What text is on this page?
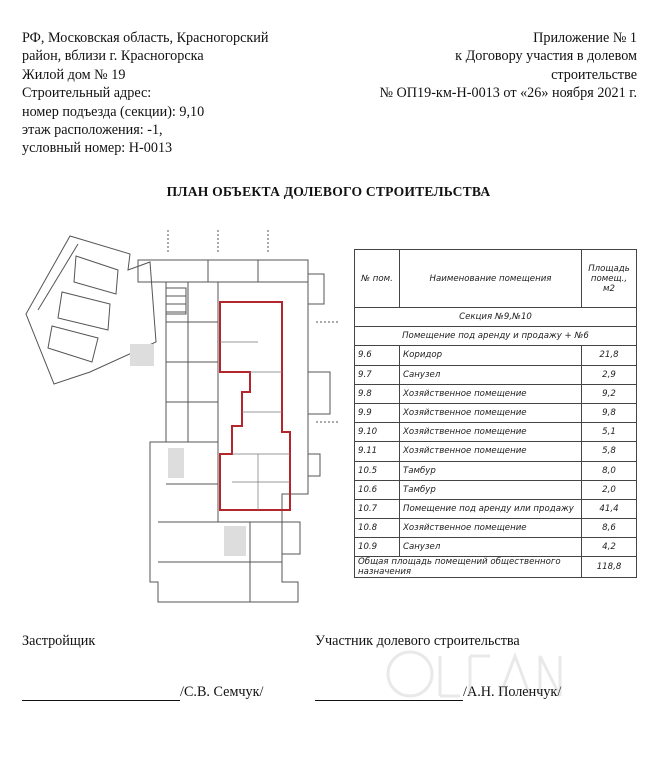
РФ, Московская область, Красногорский
район, вблизи г. Красногорска
Жилой дом № 19
Строительный адрес:
номер подъезда (секции): 9,10
этаж расположения: -1,
условный номер: Н-0013
Приложение № 1
к Договору участия в долевом
строительстве
№ ОП19-км-Н-0013 от «26» ноября 2021 г.
ПЛАН ОБЪЕКТА ДОЛЕВОГО СТРОИТЕЛЬСТВА
№ пом.	Наименование помещения	Площадь помещ., м2
Секция №9,№10		
Помещение под аренду и продажу + №6		
9.6	Коридор	21,8
9.7	Санузел	2,9
9.8	Хозяйственное помещение	9,2
9.9	Хозяйственное помещение	9,8
9.10	Хозяйственное помещение	5,1
9.11	Хозяйственное помещение	5,8
10.5	Тамбур	8,0
10.6	Тамбур	2,0
10.7	Помещение под аренду или продажу	41,4
10.8	Хозяйственное помещение	8,6
10.9	Санузел	4,2
Общая площадь помещений общественного назначения		118,8
Застройщик	Участник долевого строительства
/С.В. Семчук/	/А.Н. Поленчук/
